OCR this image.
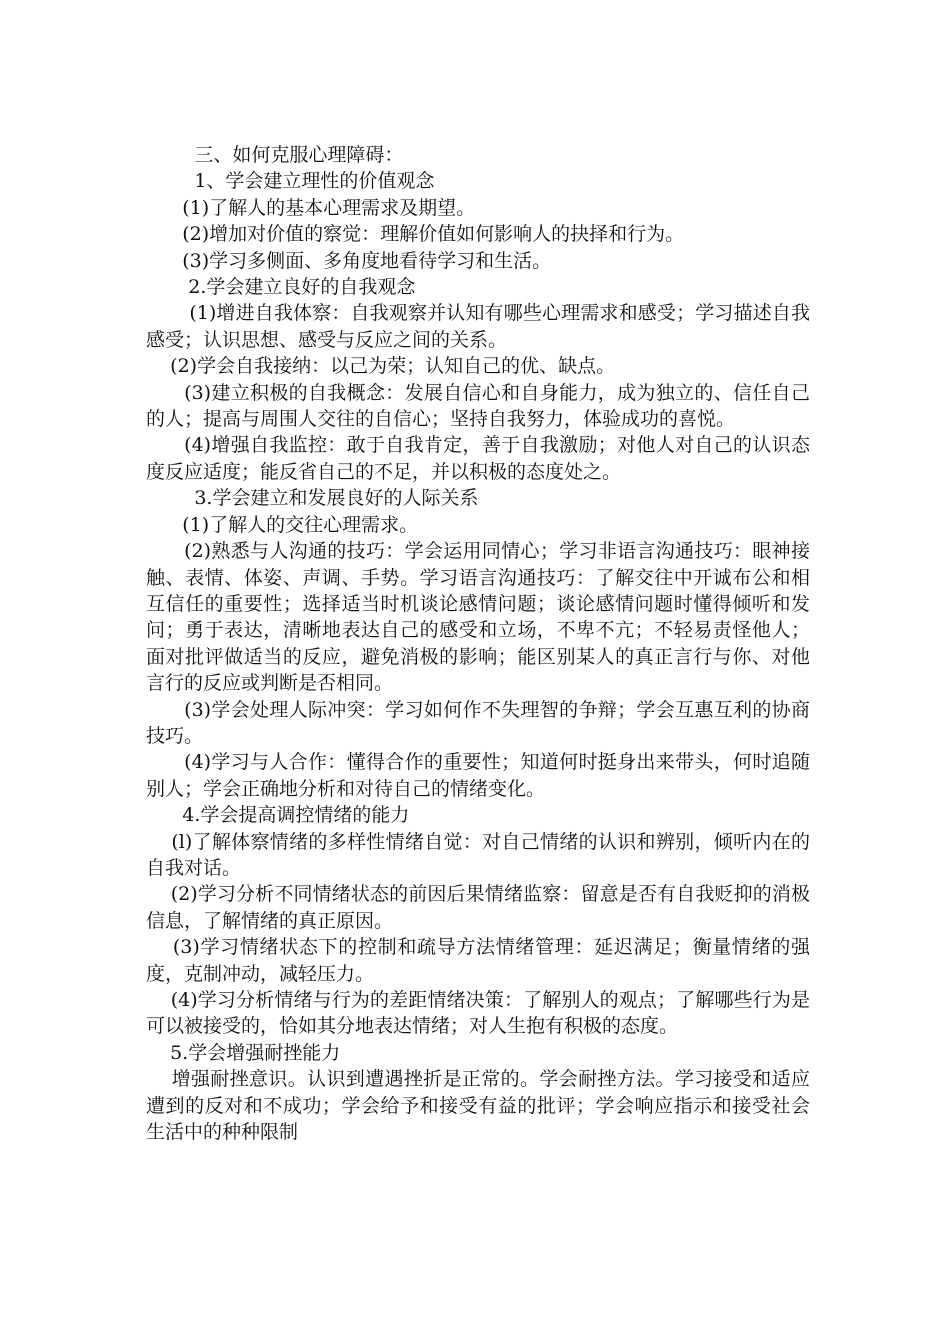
三、如何克服心理障碍：

1、学会建立理性的价值观念

(1)了解人的基本心理需求及期望。

(2)增加对价值的察觉：理解价值如何影响人的抉择和行为。

(3)学习多侧面、多角度地看待学习和生活。

2.学会建立良好的自我观念

(1)增进自我体察：自我观察并认知有哪些心理需求和感受；学习描述自我感受；认识思想、感受与反应之间的关系。

(2)学会自我接纳：以己为荣；认知自己的优、缺点。

(3)建立积极的自我概念：发展自信心和自身能力，成为独立的、信任自己的人；提高与周围人交往的自信心；坚持自我努力，体验成功的喜悦。

(4)增强自我监控：敢于自我肯定，善于自我激励；对他人对自己的认识态度反应适度；能反省自己的不足，并以积极的态度处之。

3.学会建立和发展良好的人际关系

(1)了解人的交往心理需求。

(2)熟悉与人沟通的技巧：学会运用同情心；学习非语言沟通技巧：眼神接触、表情、体姿、声调、手势。学习语言沟通技巧：了解交往中开诚布公和相互信任的重要性；选择适当时机谈论感情问题；谈论感情问题时懂得倾听和发问；勇于表达，清晰地表达自己的感受和立场，不卑不亢；不轻易责怪他人；面对批评做适当的反应，避免消极的影响；能区别某人的真正言行与你、对他言行的反应或判断是否相同。

(3)学会处理人际冲突：学习如何作不失理智的争辩；学会互惠互利的协商技巧。

(4)学习与人合作：懂得合作的重要性；知道何时挺身出来带头，何时追随别人；学会正确地分析和对待自己的情绪变化。

4.学会提高调控情绪的能力

(l)了解体察情绪的多样性情绪自觉：对自己情绪的认识和辨别，倾听内在的自我对话。

(2)学习分析不同情绪状态的前因后果情绪监察：留意是否有自我贬抑的消极信息，了解情绪的真正原因。

(3)学习情绪状态下的控制和疏导方法情绪管理：延迟满足；衡量情绪的强度，克制冲动，减轻压力。

(4)学习分析情绪与行为的差距情绪决策：了解别人的观点；了解哪些行为是可以被接受的，恰如其分地表达情绪；对人生抱有积极的态度。

5.学会增强耐挫能力

增强耐挫意识。认识到遭遇挫折是正常的。学会耐挫方法。学习接受和适应遭到的反对和不成功；学会给予和接受有益的批评；学会响应指示和接受社会生活中的种种限制
